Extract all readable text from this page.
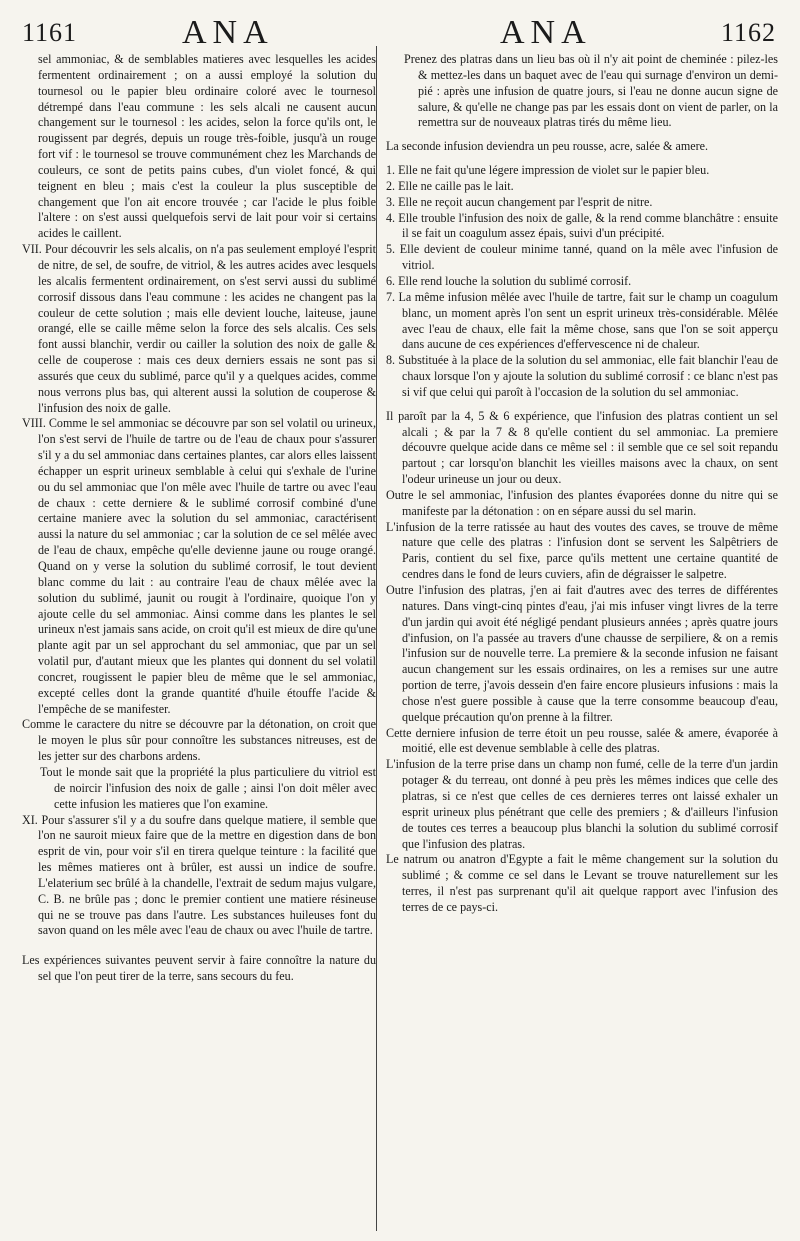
1161	ANA	ANA	1162

sel ammoniac, & de semblables matieres avec lesquelles les acides fermentent ordinairement ; on a aussi employé la solution du tournesol ou le papier bleu ordinaire coloré avec le tournesol détrempé dans l'eau commune : les sels alcali ne causent aucun changement sur le tournesol : les acides, selon la force qu'ils ont, le rougissent par degrés, depuis un rouge très-foible, jusqu'à un rouge fort vif : le tournesol se trouve communément chez les Marchands de couleurs, ce sont de petits pains cubes, d'un violet foncé, & qui teignent en bleu ; mais c'est la couleur la plus susceptible de changement que l'on ait encore trouvée ; car l'acide le plus foible l'altere : on s'est aussi quelquefois servi de lait pour voir si certains acides le caillent.

VII. Pour découvrir les sels alcalis, on n'a pas seulement employé l'esprit de nitre, de sel, de soufre, de vitriol, & les autres acides avec lesquels les alcalis fermentent ordinairement, on s'est servi aussi du sublimé corrosif dissous dans l'eau commune : les acides ne changent pas la couleur de cette solution ; mais elle devient louche, laiteuse, jaune orangé, elle se caille même selon la force des sels alcalis. Ces sels font aussi blanchir, verdir ou cailler la solution des noix de galle & celle de couperose : mais ces deux derniers essais ne sont pas si assurés que ceux du sublimé, parce qu'il y a quelques acides, comme nous verrons plus bas, qui alterent aussi la solution de couperose & l'infusion des noix de galle.

VIII. Comme le sel ammoniac se découvre par son sel volatil ou urineux, l'on s'est servi de l'huile de tartre ou de l'eau de chaux pour s'assurer s'il y a du sel ammoniac dans certaines plantes, car alors elles laissent échapper un esprit urineux semblable à celui qui s'exhale de l'urine ou du sel ammoniac que l'on mêle avec l'huile de tartre ou avec l'eau de chaux : cette derniere & le sublimé corrosif combiné d'une certaine maniere avec la solution du sel ammoniac, caractérisent aussi la nature du sel ammoniac ; car la solution de ce sel mêlée avec de l'eau de chaux, empêche qu'elle devienne jaune ou rouge orangé. Quand on y verse la solution du sublimé corrosif, le tout devient blanc comme du lait : au contraire l'eau de chaux mêlée avec la solution du sublimé, jaunit ou rougit à l'ordinaire, quoique l'on y ajoute celle du sel ammoniac. Ainsi comme dans les plantes le sel urineux n'est jamais sans acide, on croit qu'il est mieux de dire qu'une plante agit par un sel approchant du sel ammoniac, que par un sel volatil pur, d'autant mieux que les plantes qui donnent du sel volatil concret, rougissent le papier bleu de même que le sel ammoniac, excepté celles dont la grande quantité d'huile étouffe l'acide & l'empêche de se manifester.

Comme le caractere du nitre se découvre par la détonation, on croit que le moyen le plus sûr pour connoître les substances nitreuses, est de les jetter sur des charbons ardens.

Tout le monde sait que la propriété la plus particuliere du vitriol est de noircir l'infusion des noix de galle ; ainsi l'on doit mêler avec cette infusion les matieres que l'on examine.

XI. Pour s'assurer s'il y a du soufre dans quelque matiere, il semble que l'on ne sauroit mieux faire que de la mettre en digestion dans de bon esprit de vin, pour voir s'il en tirera quelque teinture : la facilité que les mêmes matieres ont à brûler, est aussi un indice de soufre. L'elaterium sec brûlé à la chandelle, l'extrait de sedum majus vulgare, C. B. ne brûle pas ; donc le premier contient une matiere résineuse qui ne se trouve pas dans l'autre. Les substances huileuses font du savon quand on les mêle avec l'eau de chaux ou avec l'huile de tartre.

Les expériences suivantes peuvent servir à faire connoître la nature du sel que l'on peut tirer de la terre, sans secours du feu.

Prenez des platras dans un lieu bas où il n'y ait point de cheminée : pilez-les & mettez-les dans un baquet avec de l'eau qui surnage d'environ un demi-pié : après une infusion de quatre jours, si l'eau ne donne aucun signe de salure, & qu'elle ne change pas par les essais dont on vient de parler, on la remettra sur de nouveaux platras tirés du même lieu.

La seconde infusion deviendra un peu rousse, acre, salée & amere.

1. Elle ne fait qu'une légere impression de violet sur le papier bleu.

2. Elle ne caille pas le lait.

3. Elle ne reçoit aucun changement par l'esprit de nitre.

4. Elle trouble l'infusion des noix de galle, & la rend comme blanchâtre : ensuite il se fait un coagulum assez épais, suivi d'un précipité.

5. Elle devient de couleur minime tanné, quand on la mêle avec l'infusion de vitriol.

6. Elle rend louche la solution du sublimé corrosif.

7. La même infusion mêlée avec l'huile de tartre, fait sur le champ un coagulum blanc, un moment après l'on sent un esprit urineux très-considérable. Mêlée avec l'eau de chaux, elle fait la même chose, sans que l'on se soit apperçu dans aucune de ces expériences d'effervescence ni de chaleur.

8. Substituée à la place de la solution du sel ammoniac, elle fait blanchir l'eau de chaux lorsque l'on y ajoute la solution du sublimé corrosif : ce blanc n'est pas si vif que celui qui paroît à l'occasion de la solution du sel ammoniac.

Il paroît par la 4, 5 & 6 expérience, que l'infusion des platras contient un sel alcali ; & par la 7 & 8 qu'elle contient du sel ammoniac. La premiere découvre quelque acide dans ce même sel : il semble que ce sel soit repandu partout ; car lorsqu'on blanchit les vieilles maisons avec la chaux, on sent l'odeur urineuse un jour ou deux.

Outre le sel ammoniac, l'infusion des plantes évaporées donne du nitre qui se manifeste par la détonation : on en sépare aussi du sel marin.

L'infusion de la terre ratissée au haut des voutes des caves, se trouve de même nature que celle des platras : l'infusion dont se servent les Salpêtriers de Paris, contient du sel fixe, parce qu'ils mettent une certaine quantité de cendres dans le fond de leurs cuviers, afin de dégraisser le salpetre.

Outre l'infusion des platras, j'en ai fait d'autres avec des terres de différentes natures. Dans vingt-cinq pintes d'eau, j'ai mis infuser vingt livres de la terre d'un jardin qui avoit été négligé pendant plusieurs années ; après quatre jours d'infusion, on l'a passée au travers d'une chausse de serpiliere, & on a remis l'infusion sur de nouvelle terre. La premiere & la seconde infusion ne faisant aucun changement sur les essais ordinaires, on les a remises sur une autre portion de terre, j'avois dessein d'en faire encore plusieurs infusions : mais la chose n'est guere possible à cause que la terre consomme beaucoup d'eau, quelque précaution qu'on prenne à la filtrer.

Cette derniere infusion de terre étoit un peu rousse, salée & amere, évaporée à moitié, elle est devenue semblable à celle des platras.

L'infusion de la terre prise dans un champ non fumé, celle de la terre d'un jardin potager & du terreau, ont donné à peu près les mêmes indices que celle des platras, si ce n'est que celles de ces dernieres terres ont laissé exhaler un esprit urineux plus pénétrant que celle des premiers ; & d'ailleurs l'infusion de toutes ces terres a beaucoup plus blanchi la solution du sublimé corrosif que l'infusion des platras.

Le natrum ou anatron d'Egypte a fait le même changement sur la solution du sublimé ; & comme ce sel dans le Levant se trouve naturellement sur les terres, il n'est pas surprenant qu'il ait quelque rapport avec l'infusion des terres de ce pays-ci.
